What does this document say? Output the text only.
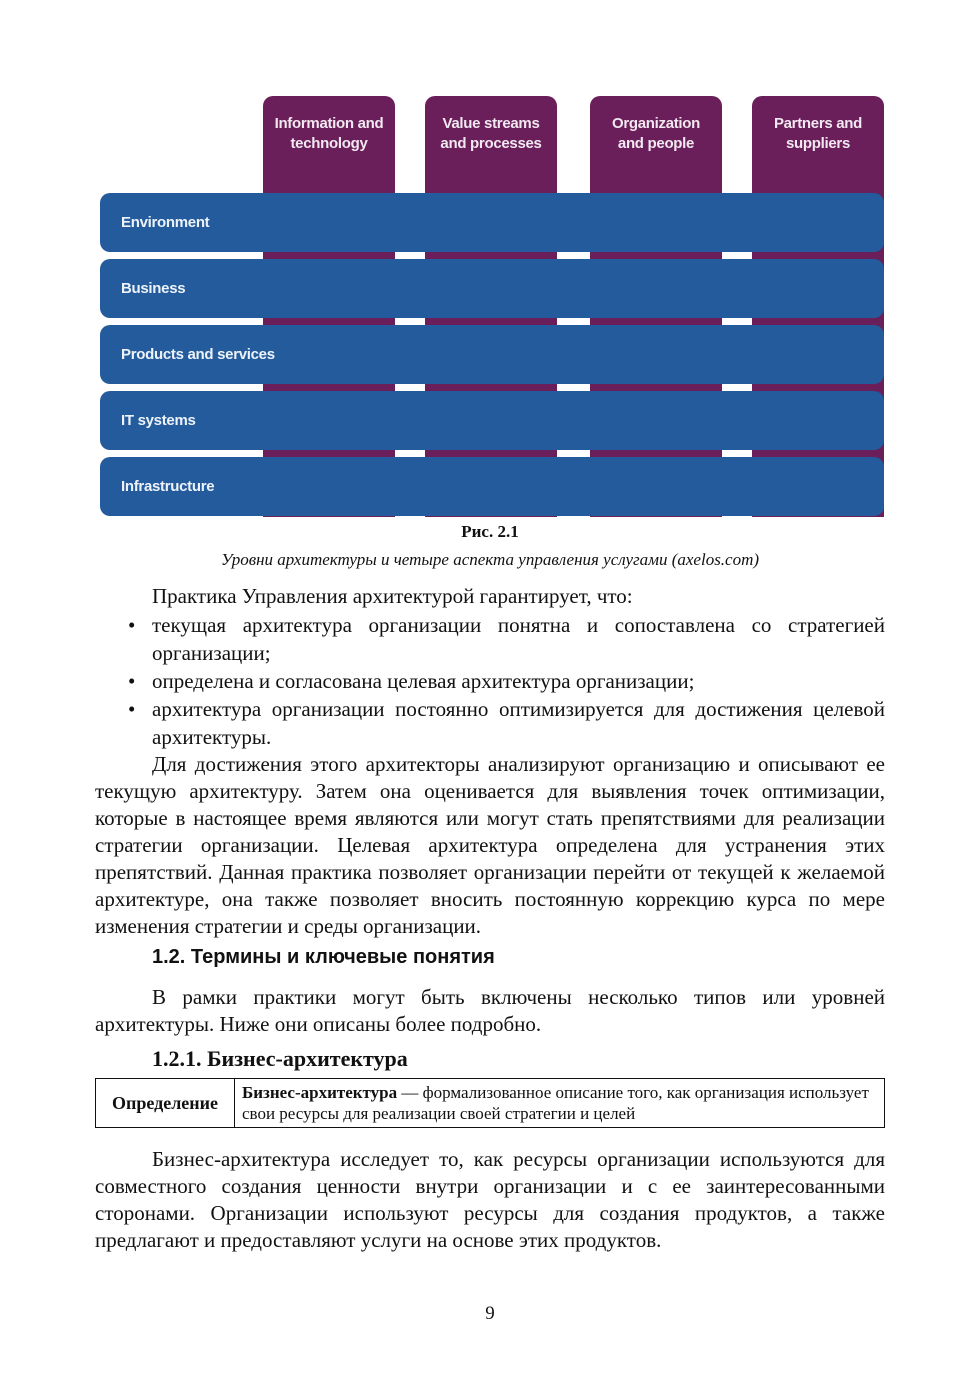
Information and
technology
Value streams
and processes
Organization
and people
Partners and
suppliers
Environment
Business
Products and services
IT systems
Infrastructure
Рис. 2.1
Уровни архитектуры и четыре аспекта управления услугами (axelos.com)
Практика Управления архитектурой гарантирует, что:
• текущая архитектура организации понятна и сопоставлена со стратегией организации;
• определена и согласована целевая архитектура организации;
• архитектура организации постоянно оптимизируется для достижения целевой архитектуры.
Для достижения этого архитекторы анализируют организацию и описывают ее текущую архитектуру. Затем она оценивается для выявления точек оптимизации, которые в настоящее время являются или могут стать препятствиями для реализации стратегии организации. Целевая архитектура определена для устранения этих препятствий. Данная практика позволяет организации перейти от текущей к желаемой архитектуре, она также позволяет вносить постоянную коррекцию курса по мере изменения стратегии и среды организации.
1.2. Термины и ключевые понятия
В рамки практики могут быть включены несколько типов или уровней архитектуры. Ниже они описаны более подробно.
1.2.1. Бизнес-архитектура
Определение	Бизнес-архитектура — формализованное описание того, как организация использует свои ресурсы для реализации своей стратегии и целей
Бизнес-архитектура исследует то, как ресурсы организации используются для совместного создания ценности внутри организации и с ее заинтересованными сторонами. Организации используют ресурсы для создания продуктов, а также предлагают и предоставляют услуги на основе этих продуктов.
9
